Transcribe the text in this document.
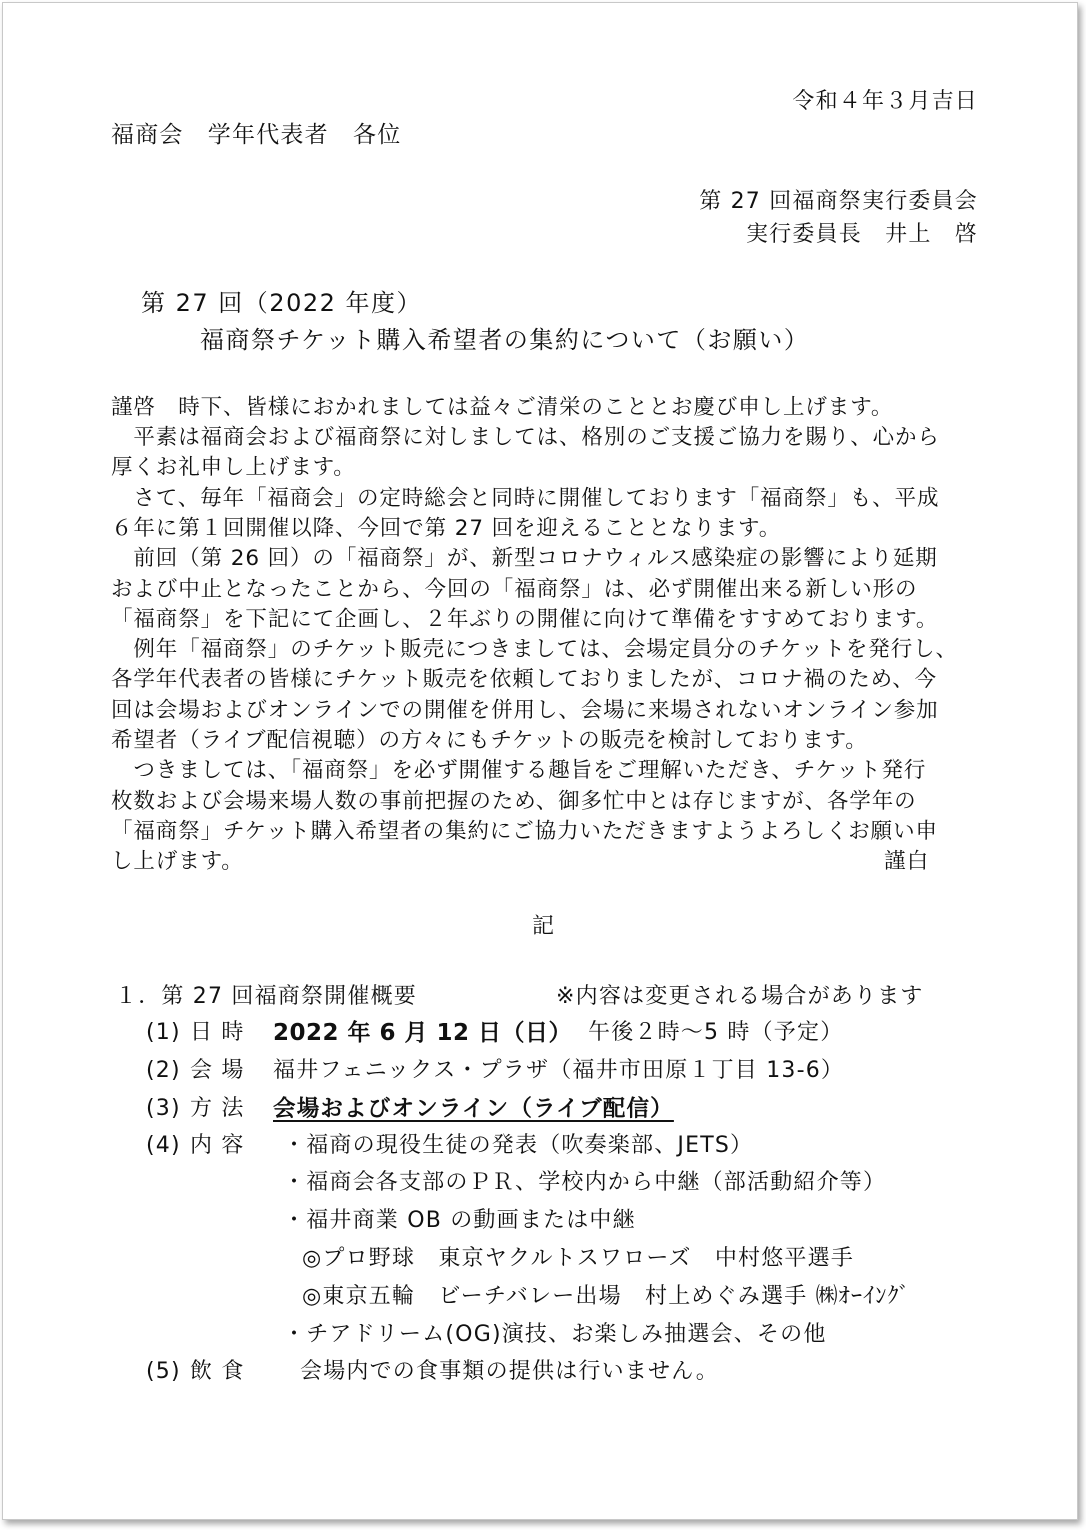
令和４年３月吉日
福商会　学年代表者　各位
第 27 回福商祭実行委員会
実行委員長　井上　啓
第 27 回（2022 年度）
福商祭チケット購入希望者の集約について（お願い）
謹啓　時下、皆様におかれましては益々ご清栄のこととお慶び申し上げます。
　平素は福商会および福商祭に対しましては、格別のご支援ご協力を賜り、心から
厚くお礼申し上げます。
　さて、毎年「福商会」の定時総会と同時に開催しております「福商祭」も、平成
６年に第１回開催以降、今回で第 27 回を迎えることとなります。
　前回（第 26 回）の「福商祭」が、新型コロナウィルス感染症の影響により延期
および中止となったことから、今回の「福商祭」は、必ず開催出来る新しい形の
「福商祭」を下記にて企画し、２年ぶりの開催に向けて準備をすすめております。
　例年「福商祭」のチケット販売につきましては、会場定員分のチケットを発行し、
各学年代表者の皆様にチケット販売を依頼しておりましたが、コロナ禍のため、今
回は会場およびオンラインでの開催を併用し、会場に来場されないオンライン参加
希望者（ライブ配信視聴）の方々にもチケットの販売を検討しております。
　つきましては、「福商祭」を必ず開催する趣旨をご理解いただき、チケット発行
枚数および会場来場人数の事前把握のため、御多忙中とは存じますが、各学年の
「福商祭」チケット購入希望者の集約にご協力いただきますようよろしくお願い申
し上げます。	謹白
記
１．第 27 回福商祭開催概要	※内容は変更される場合があります
(1) 日 時 2022 年 6 月 12 日（日） 午後２時～5 時（予定）
(2) 会 場 福井フェニックス・プラザ（福井市田原１丁目 13-6）
(3) 方 法 会場およびオンライン（ライブ配信）
(4) 内 容 ・福商の現役生徒の発表（吹奏楽部、JETS）
・福商会各支部のＰＲ、学校内から中継（部活動紹介等）
・福井商業 OB の動画または中継
◎プロ野球　東京ヤクルトスワローズ　中村悠平選手
◎東京五輪　ビーチバレー出場　村上めぐみ選手 ㈱ｵｰｲﾝｸﾞ
・チアドリーム(OG)演技、お楽しみ抽選会、その他
(5) 飲 食	会場内での食事類の提供は行いません。
